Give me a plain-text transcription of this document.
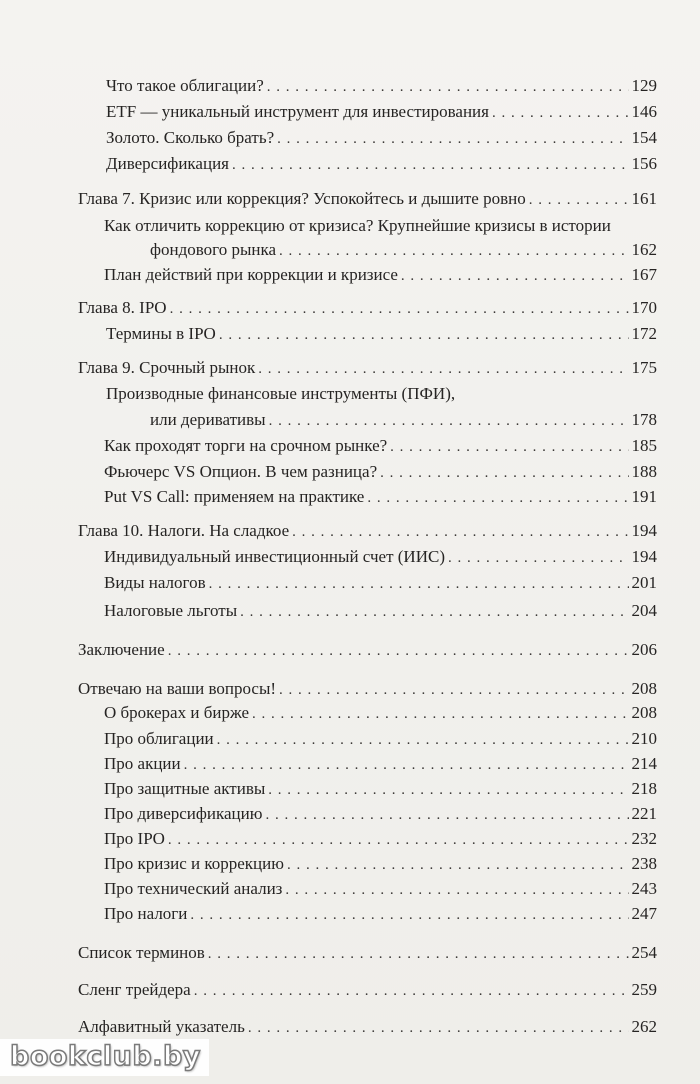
Что такое облигации? . . .	129
ETF — уникальный инструмент для инвестирования . . .	146
Золото. Сколько брать? . . .	154
Диверсификация . . .	156
Глава 7. Кризис или коррекция? Успокойтесь и дышите ровно . . .	161
Как отличить коррекцию от кризиса? Крупнейшие кризисы в истории
фондового рынка . . .	162
План действий при коррекции и кризисе . . .	167
Глава 8. IPO . . .	170
Термины в IPO . . .	172
Глава 9. Срочный рынок . . .	175
Производные финансовые инструменты (ПФИ),
или деривативы . . .	178
Как проходят торги на срочном рынке? . . .	185
Фьючерс VS Опцион. В чем разница? . . .	188
Put VS Call: применяем на практике . . .	191
Глава 10. Налоги. На сладкое . . .	194
Индивидуальный инвестиционный счет (ИИС) . . .	194
Виды налогов . . .	201
Налоговые льготы . . .	204
Заключение . . .	206
Отвечаю на ваши вопросы! . . .	208
О брокерах и бирже . . .	208
Про облигации . . .	210
Про акции . . .	214
Про защитные активы . . .	218
Про диверсификацию . . .	221
Про IPO . . .	232
Про кризис и коррекцию . . .	238
Про технический анализ . . .	243
Про налоги . . .	247
Список терминов . . .	254
Сленг трейдера . . .	259
Алфавитный указатель . . .	262
bookclub.by
